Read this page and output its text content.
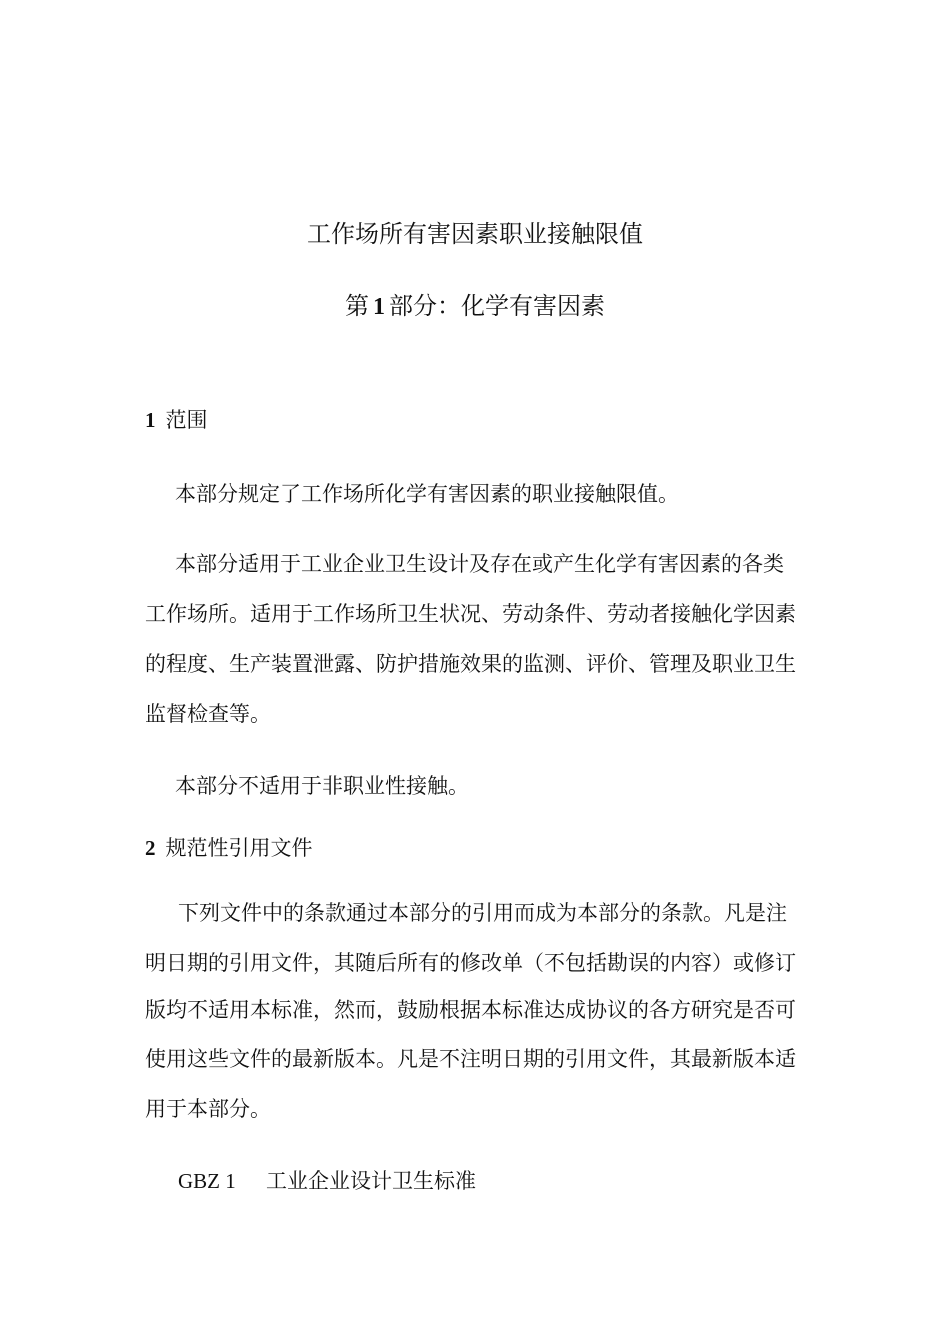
工作场所有害因素职业接触限值
第 1 部分：化学有害因素
1 范围
本部分规定了工作场所化学有害因素的职业接触限值。
本部分适用于工业企业卫生设计及存在或产生化学有害因素的各类
工作场所。适用于工作场所卫生状况、劳动条件、劳动者接触化学因素
的程度、生产装置泄露、防护措施效果的监测、评价、管理及职业卫生
监督检查等。
本部分不适用于非职业性接触。
2 规范性引用文件
下列文件中的条款通过本部分的引用而成为本部分的条款。凡是注
明日期的引用文件，其随后所有的修改单（不包括勘误的内容）或修订
版均不适用本标准，然而，鼓励根据本标准达成协议的各方研究是否可
使用这些文件的最新版本。凡是不注明日期的引用文件，其最新版本适
用于本部分。
GBZ 1 工业企业设计卫生标准
